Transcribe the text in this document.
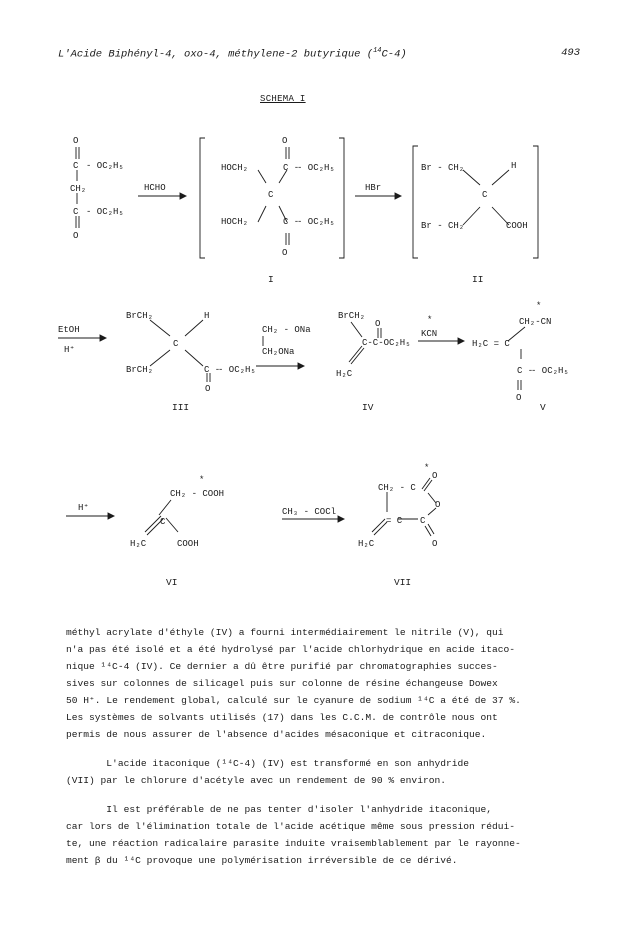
L'Acide Biphényl-4, oxo-4, méthylene-2 butyrique ($^{14}$C-4)	493
SCHEMA I
O
C - OC₂H₅
CH₂
C - OC₂H₅
O
HCHO
O
HOCH₂	C -
- OC₂H₅
C
HOCH₂	C -
- OC₂H₅
O
I
HBr
Br - CH₂	H
C
Br - CH₂	COOH
II
EtOH
H⁺
BrCH₂	H
C
BrCH₂	C -
- OC₂H₅
O
III
CH₂ - ONa
CH₂ONa
BrCH₂
O
C-C-OC₂H₅
H₂C
IV
*
KCN
*
CH₂-CN
H₂C = C
C -
- OC₂H₅
O
V
H⁺
*
CH₂ - COOH
C
H₂C	COOH
VI
CH₃ - COCl
*
O
CH₂ - C
O
= C C
H₂C	O
VII
méthyl acrylate d'éthyle (IV) a fourni intermédiairement le nitrile (V), qui
n'a pas été isolé et a été hydrolysé par l'acide chlorhydrique en acide itaco-
nique ¹⁴C-4 (IV). Ce dernier a dû être purifié par chromatographies succes-
sives sur colonnes de silicagel puis sur colonne de résine échangeuse Dowex
50 H⁺. Le rendement global, calculé sur le cyanure de sodium ¹⁴C a été de 37 %.
Les systèmes de solvants utilisés (17) dans les C.C.M. de contrôle nous ont
permis de nous assurer de l'absence d'acides mésaconique et citraconique.
L'acide itaconique (¹⁴C-4) (IV) est transformé en son anhydride
(VII) par le chlorure d'acétyle avec un rendement de 90 % environ.
Il est préférable de ne pas tenter d'isoler l'anhydride itaconique,
car lors de l'élimination totale de l'acide acétique même sous pression rédui-
te, une réaction radicalaire parasite induite vraisemblablement par le rayonne-
ment β du ¹⁴C provoque une polymérisation irréversible de ce dérivé.
